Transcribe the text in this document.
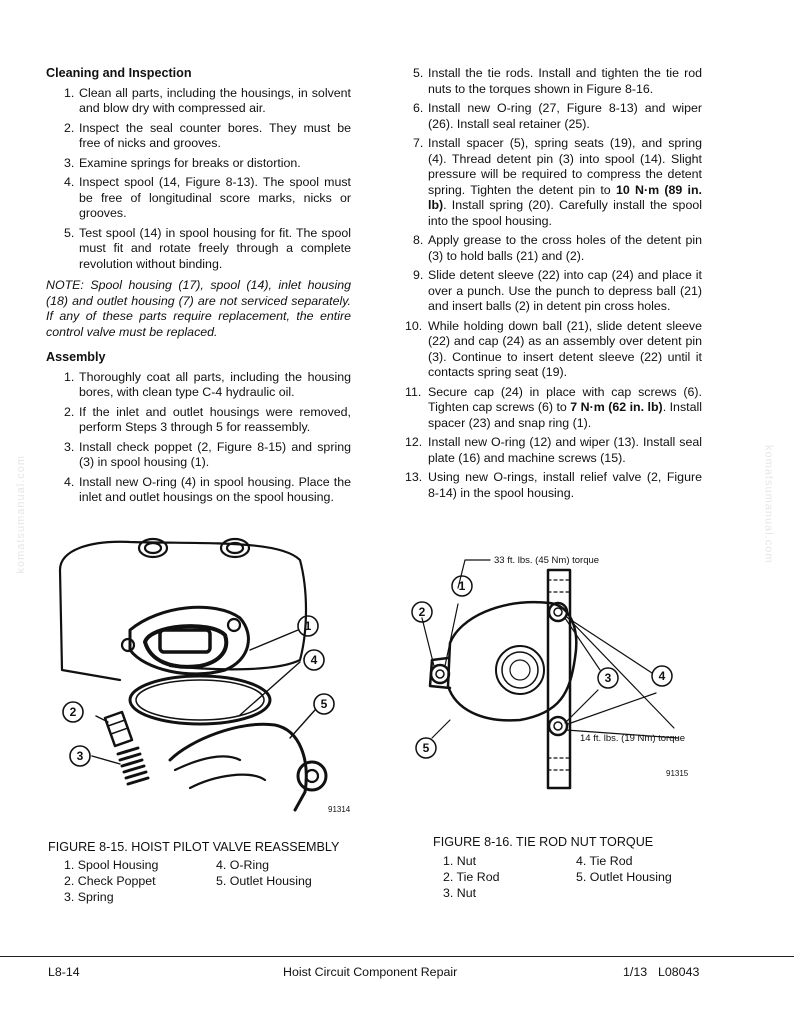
Cleaning and Inspection
1. Clean all parts, including the housings, in solvent and blow dry with compressed air.
2. Inspect the seal counter bores. They must be free of nicks and grooves.
3. Examine springs for breaks or distortion.
4. Inspect spool (14, Figure 8-13). The spool must be free of longitudinal score marks, nicks or grooves.
5. Test spool (14) in spool housing for fit. The spool must fit and rotate freely through a complete revolution without binding.
NOTE: Spool housing (17), spool (14), inlet housing (18) and outlet housing (7) are not serviced separately. If any of these parts require replacement, the entire control valve must be replaced.
Assembly
1. Thoroughly coat all parts, including the housing bores, with clean type C-4 hydraulic oil.
2. If the inlet and outlet housings were removed, perform Steps 3 through 5 for reassembly.
3. Install check poppet (2, Figure 8-15) and spring (3) in spool housing (1).
4. Install new O-ring (4) in spool housing. Place the inlet and outlet housings on the spool housing.
5. Install the tie rods. Install and tighten the tie rod nuts to the torques shown in Figure 8-16.
6. Install new O-ring (27, Figure 8-13) and wiper (26). Install seal retainer (25).
7. Install spacer (5), spring seats (19), and spring (4). Thread detent pin (3) into spool (14). Slight pressure will be required to compress the detent spring. Tighten the detent pin to 10 N·m (89 in. lb). Install spring (20). Carefully install the spool into the spool housing.
8. Apply grease to the cross holes of the detent pin (3) to hold balls (21) and (2).
9. Slide detent sleeve (22) into cap (24) and place it over a punch. Use the punch to depress ball (21) and insert balls (2) in detent pin cross holes.
10. While holding down ball (21), slide detent sleeve (22) and cap (24) as an assembly over detent pin (3). Continue to insert detent sleeve (22) until it contacts spring seat (19).
11. Secure cap (24) in place with cap screws (6). Tighten cap screws (6) to 7 N·m (62 in. lb). Install spacer (23) and snap ring (1).
12. Install new O-ring (12) and wiper (13). Install seal plate (16) and machine screws (15).
13. Using new O-rings, install relief valve (2, Figure 8-14) in the spool housing.
1
4
5
2
3
91314
FIGURE 8-15. HOIST PILOT VALVE REASSEMBLY
1. Spool Housing
2. Check Poppet
3. Spring
4. O-Ring
5. Outlet Housing
1
2
3	4
5
33 ft. lbs. (45 Nm) torque
14 ft. lbs. (19 Nm) torque
91315
FIGURE 8-16. TIE ROD NUT TORQUE
1. Nut
2. Tie Rod
3. Nut
4. Tie Rod
5. Outlet Housing
komatsumanual.com	komatsumanual.com
L8-14	Hoist Circuit Component Repair	1/13 L08043
